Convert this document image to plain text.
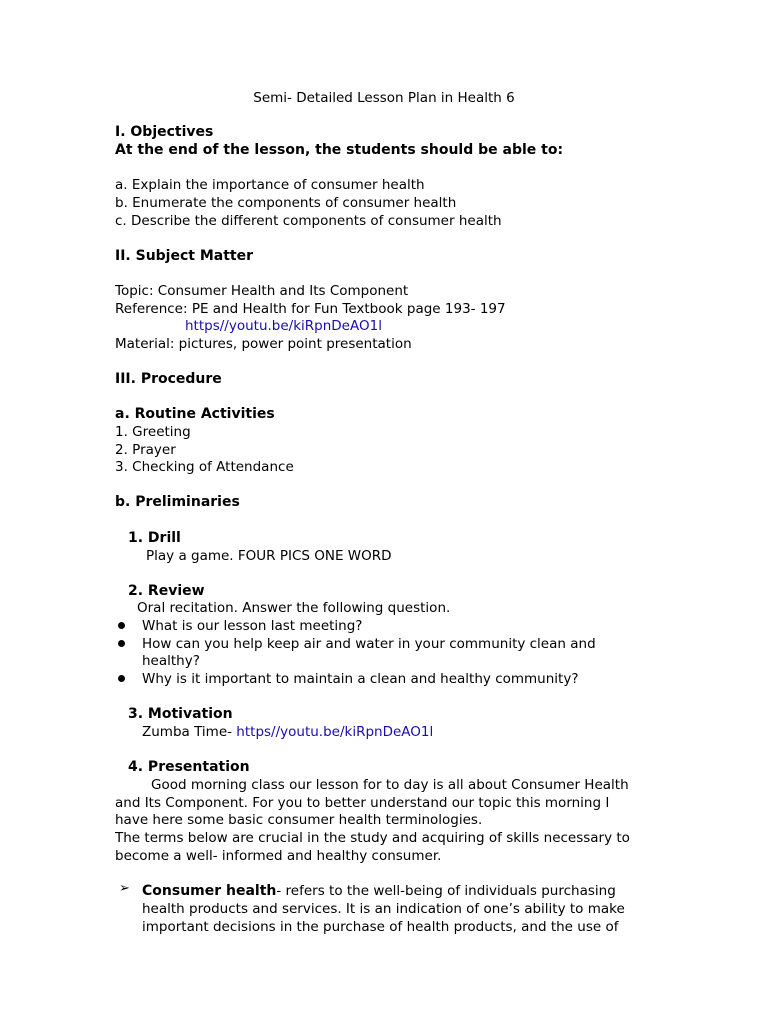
Semi- Detailed Lesson Plan in Health 6
I. Objectives
At the end of the lesson, the students should be able to:
a. Explain the importance of consumer health
b. Enumerate the components of consumer health
c. Describe the different components of consumer health
II. Subject Matter
Topic: Consumer Health and Its Component
Reference: PE and Health for Fun Textbook page 193- 197
https//youtu.be/kiRpnDeAO1l
Material: pictures, power point presentation
III. Procedure
a. Routine Activities
1. Greeting
2. Prayer
3. Checking of Attendance
b. Preliminaries
1. Drill
Play a game. FOUR PICS ONE WORD
2. Review
Oral recitation. Answer the following question.
What is our lesson last meeting?
How can you help keep air and water in your community clean and
healthy?
Why is it important to maintain a clean and healthy community?
3. Motivation
Zumba Time- https//youtu.be/kiRpnDeAO1l
4. Presentation
Good morning class our lesson for to day is all about Consumer Health
and Its Component. For you to better understand our topic this morning I
have here some basic consumer health terminologies.
The terms below are crucial in the study and acquiring of skills necessary to
become a well- informed and healthy consumer.
➢ Consumer health- refers to the well-being of individuals purchasing
health products and services. It is an indication of one’s ability to make
important decisions in the purchase of health products, and the use of
